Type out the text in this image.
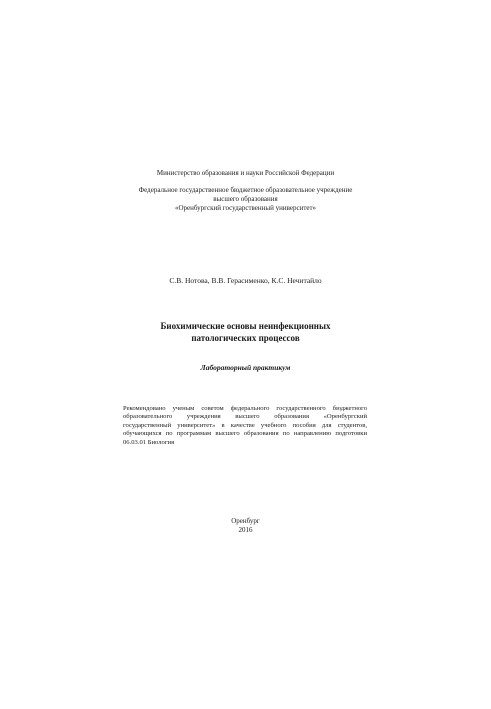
Министерство образования и науки Российской Федерации
Федеральное государственное бюджетное образовательное учреждение
высшего образования
«Оренбургский государственный университет»
С.В. Нотова, В.В. Герасименко, К.С. Нечитайло
Биохимические основы неинфекционных
патологических процессов
Лабораторный практикум
Рекомендовано ученым советом федерального государственного бюджетного
образовательного учреждения высшего образования «Оренбургский
государственный университет» в качестве учебного пособия для студентов,
обучающихся по программам высшего образования по направлению подготовки
06.03.01 Биология
Оренбург
2016
